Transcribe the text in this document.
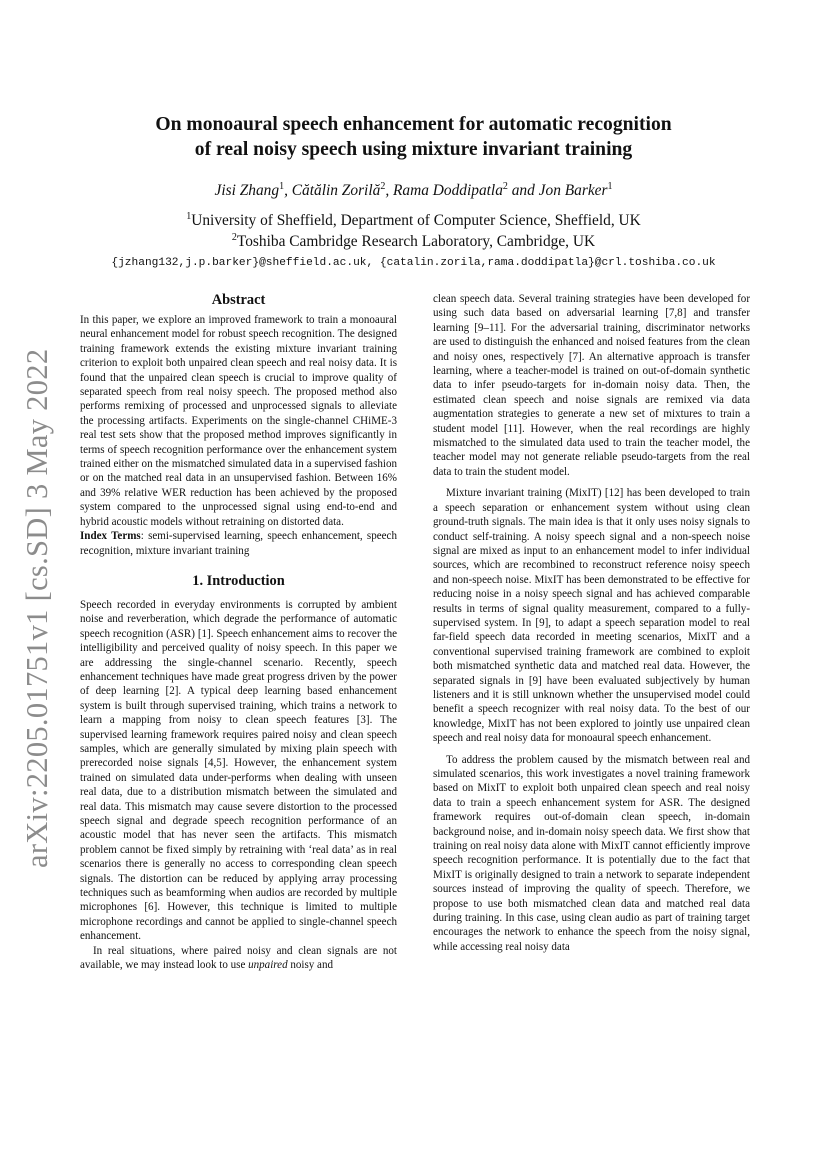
arXiv:2205.01751v1 [cs.SD] 3 May 2022
On monoaural speech enhancement for automatic recognition
of real noisy speech using mixture invariant training
Jisi Zhang$^1$, Cătălin Zorilă$^2$, Rama Doddipatla$^2$ and Jon Barker$^1$
$^1$University of Sheffield, Department of Computer Science, Sheffield, UK
$^2$Toshiba Cambridge Research Laboratory, Cambridge, UK
{jzhang132,j.p.barker}@sheffield.ac.uk, {catalin.zorila,rama.doddipatla}@crl.toshiba.co.uk
Abstract

In this paper, we explore an improved framework to train a monoaural neural enhancement model for robust speech recognition. The designed training framework extends the existing mixture invariant training criterion to exploit both unpaired clean speech and real noisy data. It is found that the unpaired clean speech is crucial to improve quality of separated speech from real noisy speech. The proposed method also performs remixing of processed and unprocessed signals to alleviate the processing artifacts. Experiments on the single-channel CHiME-3 real test sets show that the proposed method improves significantly in terms of speech recognition performance over the enhancement system trained either on the mismatched simulated data in a supervised fashion or on the matched real data in an unsupervised fashion. Between 16% and 39% relative WER reduction has been achieved by the proposed system compared to the unprocessed signal using end-to-end and hybrid acoustic models without retraining on distorted data.

Index Terms: semi-supervised learning, speech enhancement, speech recognition, mixture invariant training

1. Introduction

Speech recorded in everyday environments is corrupted by ambient noise and reverberation, which degrade the performance of automatic speech recognition (ASR) [1]. Speech enhancement aims to recover the intelligibility and perceived quality of noisy speech. In this paper we are addressing the single-channel scenario. Recently, speech enhancement techniques have made great progress driven by the power of deep learning [2]. A typical deep learning based enhancement system is built through supervised training, which trains a network to learn a mapping from noisy to clean speech features [3]. The supervised learning framework requires paired noisy and clean speech samples, which are generally simulated by mixing plain speech with prerecorded noise signals [4,5]. However, the enhancement system trained on simulated data under-performs when dealing with unseen real data, due to a distribution mismatch between the simulated and real data. This mismatch may cause severe distortion to the processed speech signal and degrade speech recognition performance of an acoustic model that has never seen the artifacts. This mismatch problem cannot be fixed simply by retraining with ‘real data’ as in real scenarios there is generally no access to corresponding clean speech signals. The distortion can be reduced by applying array processing techniques such as beamforming when audios are recorded by multiple microphones [6]. However, this technique is limited to multiple microphone recordings and cannot be applied to single-channel speech enhancement.

In real situations, where paired noisy and clean signals are not available, we may instead look to use unpaired noisy and

clean speech data. Several training strategies have been developed for using such data based on adversarial learning [7,8] and transfer learning [9–11]. For the adversarial training, discriminator networks are used to distinguish the enhanced and noised features from the clean and noisy ones, respectively [7]. An alternative approach is transfer learning, where a teacher-model is trained on out-of-domain synthetic data to infer pseudo-targets for in-domain noisy data. Then, the estimated clean speech and noise signals are remixed via data augmentation strategies to generate a new set of mixtures to train a student model [11]. However, when the real recordings are highly mismatched to the simulated data used to train the teacher model, the teacher model may not generate reliable pseudo-targets from the real data to train the student model.

Mixture invariant training (MixIT) [12] has been developed to train a speech separation or enhancement system without using clean ground-truth signals. The main idea is that it only uses noisy signals to conduct self-training. A noisy speech signal and a non-speech noise signal are mixed as input to an enhancement model to infer individual sources, which are recombined to reconstruct reference noisy speech and non-speech noise. MixIT has been demonstrated to be effective for reducing noise in a noisy speech signal and has achieved comparable results in terms of signal quality measurement, compared to a fully-supervised system. In [9], to adapt a speech separation model to real far-field speech data recorded in meeting scenarios, MixIT and a conventional supervised training framework are combined to exploit both mismatched synthetic data and matched real data. However, the separated signals in [9] have been evaluated subjectively by human listeners and it is still unknown whether the unsupervised model could benefit a speech recognizer with real noisy data. To the best of our knowledge, MixIT has not been explored to jointly use unpaired clean speech and real noisy data for monoaural speech enhancement.

To address the problem caused by the mismatch between real and simulated scenarios, this work investigates a novel training framework based on MixIT to exploit both unpaired clean speech and real noisy data to train a speech enhancement system for ASR. The designed framework requires out-of-domain clean speech, in-domain background noise, and in-domain noisy speech data. We first show that training on real noisy data alone with MixIT cannot efficiently improve speech recognition performance. It is potentially due to the fact that MixIT is originally designed to train a network to separate independent sources instead of improving the quality of speech. Therefore, we propose to use both mismatched clean data and matched real data during training. In this case, using clean audio as part of training target encourages the network to enhance the speech from the noisy signal, while accessing real noisy data
